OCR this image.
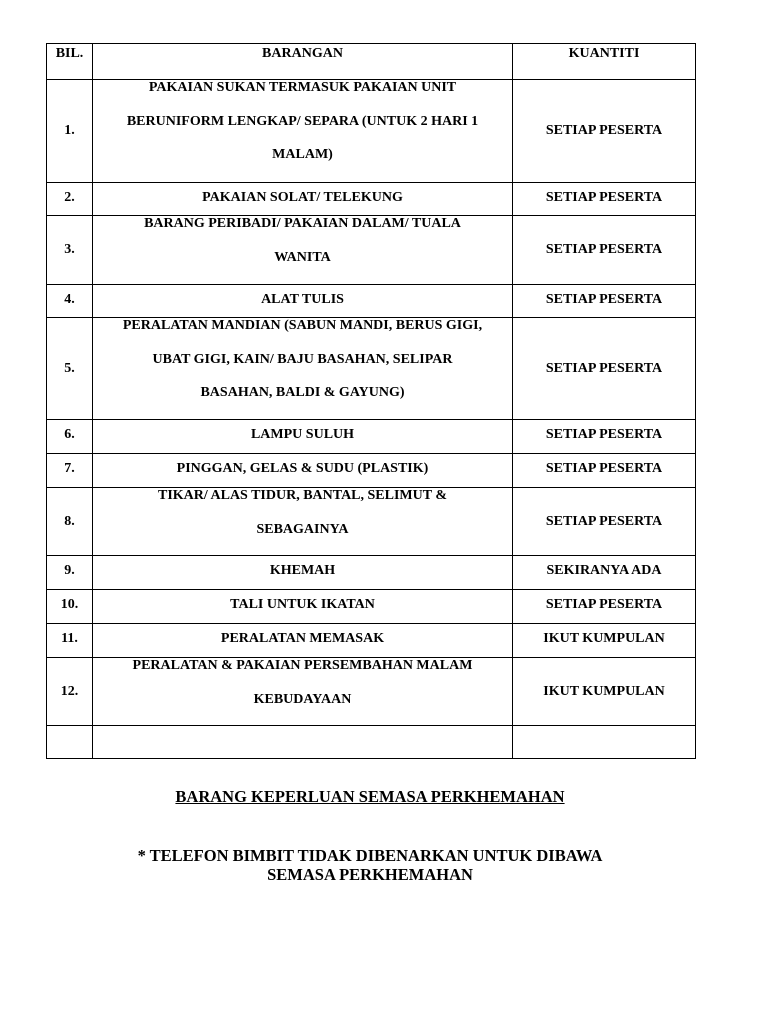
BIL.	BARANGAN	KUANTITI
1.	PAKAIAN SUKAN TERMASUK PAKAIAN UNIT
BERUNIFORM LENGKAP/ SEPARA (UNTUK 2 HARI 1
MALAM)	SETIAP PESERTA
2.	PAKAIAN SOLAT/ TELEKUNG	SETIAP PESERTA
3.	BARANG PERIBADI/ PAKAIAN DALAM/ TUALA
WANITA	SETIAP PESERTA
4.	ALAT TULIS	SETIAP PESERTA
5.	PERALATAN MANDIAN (SABUN MANDI, BERUS GIGI,
UBAT GIGI, KAIN/ BAJU BASAHAN, SELIPAR
BASAHAN, BALDI & GAYUNG)	SETIAP PESERTA
6.	LAMPU SULUH	SETIAP PESERTA
7.	PINGGAN, GELAS & SUDU (PLASTIK)	SETIAP PESERTA
8.	TIKAR/ ALAS TIDUR, BANTAL, SELIMUT &
SEBAGAINYA	SETIAP PESERTA
9.	KHEMAH	SEKIRANYA ADA
10.	TALI UNTUK IKATAN	SETIAP PESERTA
11.	PERALATAN MEMASAK	IKUT KUMPULAN
12.	PERALATAN & PAKAIAN PERSEMBAHAN MALAM
KEBUDAYAAN	IKUT KUMPULAN

BARANG KEPERLUAN SEMASA PERKHEMAHAN
* TELEFON BIMBIT TIDAK DIBENARKAN UNTUK DIBAWA
SEMASA PERKHEMAHAN
